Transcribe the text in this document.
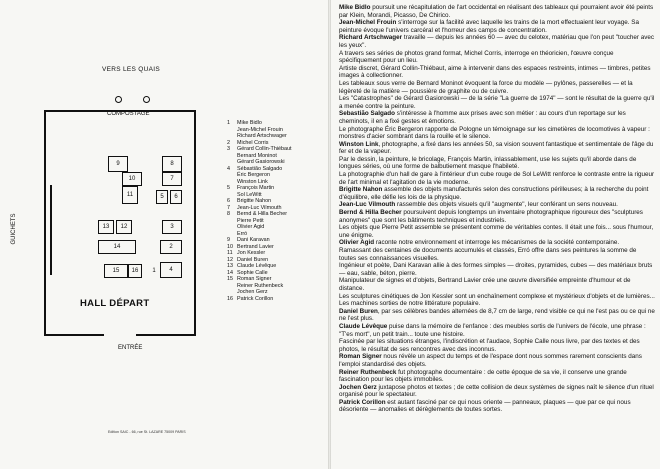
VERS LES QUAIS
COMPOSTAGE
GUICHETS
9	8
10	7
11	5	6
13	12	3
14	2
15	16	1	4
HALL DÉPART
ENTRÉE
Edition SAIC - 66, rue St. LAZARE 75009 PARIS
1	Mike Bidlo
Jean-Michel Frouin
Richard Artschwager
2	Michel Corris
3	Gérard Collin-Thiébaut
Bernard Moninot
Gérard Gasiorowski
4	Sébastião Salgado
Éric Bergeron
Winston Link
5	François Martin
Sol LeWitt
6	Brigitte Nahon
7	Jean-Luc Vilmouth
8	Bernd & Hilla Becher
Pierre Petit
Olivier Agid
Erró
9	Dani Karavan
10 Bertrand Lavier
11 Jon Kessler
12 Daniel Buren
13 Claude Lévêque
14 Sophie Calle
15 Roman Signer
Reiner Ruthenbeck
Jochen Gerz
16 Patrick Corillon

Mike Bidlo poursuit une récapitulation de l'art occidental en réalisant des tableaux qui pourraient avoir été peints par Klein, Morandi, Picasso, De Chirico.

Jean-Michel Frouin s'interroge sur la facilité avec laquelle les trains de la mort effectuaient leur voyage. Sa peinture évoque l'univers carcéral et l'horreur des camps de concentration.

Richard Artschwager travaille — depuis les années 60 — avec du celotex, matériau que l'on peut "toucher avec les yeux".

A travers ses séries de photos grand format, Michel Corris, interroge en théoricien, l'œuvre conçue spécifiquement pour un lieu.

Artiste discret, Gérard Collin-Thiébaut, aime à intervenir dans des espaces restreints, intimes — timbres, petites images à collectionner.

Les tableaux sous verre de Bernard Moninot évoquent la force du modèle — pylônes, passerelles — et la légèreté de la matière — poussière de graphite ou de cuivre.

Les "Catastrophes" de Gérard Gasiorowski — de la série "La guerre de 1974" — sont le résultat de la guerre qu'il a menée contre la peinture.

Sebastião Salgado s'intéresse à l'homme aux prises avec son métier : au cours d'un reportage sur les cheminots, il en a fixé gestes et émotions.

Le photographe Éric Bergeron rapporte de Pologne un témoignage sur les cimetières de locomotives à vapeur : monstres d'acier sombrant dans la rouille et le silence.

Winston Link, photographe, a fixé dans les années 50, sa vision souvent fantastique et sentimentale de l'âge du fer et de la vapeur.

Par le dessin, la peinture, le bricolage, François Martin, inlassablement, use les sujets qu'il aborde dans de longues séries, où une forme de balbutiement masque l'habileté.

La photographie d'un hall de gare à l'intérieur d'un cube rouge de Sol LeWitt renforce le contraste entre la rigueur de l'art minimal et l'agitation de la vie moderne.

Brigitte Nahon assemble des objets manufacturés selon des constructions périlleuses; à la recherche du point d'équilibre, elle défie les lois de la physique.

Jean-Luc Vilmouth rassemble des objets visuels qu'il "augmente", leur conférant un sens nouveau.

Bernd & Hilla Becher poursuivent depuis longtemps un inventaire photographique rigoureux des "sculptures anonymes" que sont les bâtiments techniques et industriels.

Les objets que Pierre Petit assemble se présentent comme de véritables contes. Il était une fois... sous l'humour, une énigme.

Olivier Agid raconte notre environnement et interroge les mécanismes de la société contemporaine.

Ramassant des centaines de documents accumulés et classés, Erró offre dans ses peintures la somme de toutes ses connaissances visuelles.

Ingénieur et poète, Dani Karavan allie à des formes simples — droites, pyramides, cubes — des matériaux bruts — eau, sable, béton, pierre.

Manipulateur de signes et d'objets, Bertrand Lavier crée une œuvre diversifiée empreinte d'humour et de distance.

Les sculptures cinétiques de Jon Kessler sont un enchaînement complexe et mystérieux d'objets et de lumières... Les machines sorties de notre littérature populaire.

Daniel Buren, par ses célèbres bandes alternées de 8,7 cm de large, rend visible ce qui ne l'est pas ou ce qui ne ne l'est plus.

Claude Lévêque puise dans la mémoire de l'enfance : des meubles sortis de l'univers de l'école, une phrase : "T'es mort", un petit train... toute une histoire.

Fascinée par les situations étranges, l'indiscrétion et l'audace, Sophie Calle nous livre, par des textes et des photos, le résultat de ses rencontres avec des inconnus.

Roman Signer nous révèle un aspect du temps et de l'espace dont nous sommes rarement conscients dans l'emploi standardisé des objets.

Reiner Ruthenbeck fut photographe documentaire : de cette époque de sa vie, il conserve une grande fascination pour les objets immobiles.

Jochen Gerz juxtapose photos et textes ; de cette collision de deux systèmes de signes naît le silence d'un rituel organisé pour le spectateur.

Patrick Corillon est autant fasciné par ce qui nous oriente — panneaux, plaques — que par ce qui nous désoriente — anomalies et dérèglements de toutes sortes.
